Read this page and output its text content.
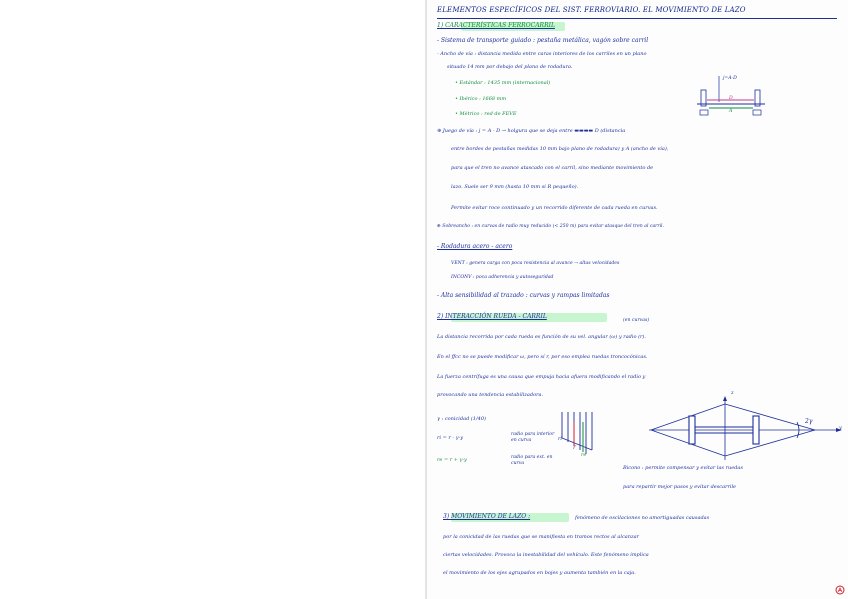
ELEMENTOS ESPECÍFICOS DEL SIST. FERROVIARIO. EL MOVIMIENTO DE LAZO
1) CARACTERÍSTICAS FERROCARRIL
- Sistema de transporte guiado : pestaña metálica, vagón sobre carril
- Ancho de vía : distancia medida entre caras interiores de los carriles en un plano
situado 14 mm por debajo del plano de rodadura.
• Estándar : 1435 mm (internacional)
• Ibérico : 1668 mm
• Métrico : red de FEVE
j=A-D
D
A
⊕ Juego de vía : j = A - D → holgura que se deja entre ▬▬▬▬ D (distancia
entre bordes de pestañas medidas 10 mm bajo plano de rodadura) y A (ancho de vía),
para que el tren no avance atascado con el carril, sino mediante movimiento de
lazo. Suele ser 9 mm (hasta 10 mm si R pequeño).
Permite evitar roce continuado y un recorrido diferente de cada rueda en curvas.
⊕ Sobreancho : en curvas de radio muy reducido (< 250 m) para evitar atasque del tren al carril.
- Rodadura acero - acero
VENT : genera carga con poca resistencia al avance → altas velocidades
INCONV : poca adherencia y autoseguridad
- Alta sensibilidad al trazado : curvas y rampas limitadas
2) INTERACCIÓN RUEDA - CARRIL
(en curvas)
La distancia recorrida por cada rueda es función de su vel. angular (ω) y radio (r).
En el ffcc no se puede modificar ω, pero sí r, por eso emplea ruedas troncocónicas.
La fuerza centrífuga es una causa que empuja hacia afuera modificando el radio y
provocando una tendencia estabilizadora.
γ : conicidad (1/40)
ri = r - γ·y
radio para interior en curva
re = r + γ·y	radio para ext. en curva
ri
r
re
z
y
2γ
Bicono : permite compensar y evitar las ruedas
para repartir mejor pasos y evitar descarrile
3) MOVIMIENTO DE LAZO :	fenómeno de oscilaciones no amortiguadas causadas
por la conicidad de las ruedas que se manifiesta en tramos rectos al alcanzar
ciertas velocidades. Provoca la inestabilidad del vehículo. Este fenómeno implica
el movimiento de los ejes agrupados en bojes y aumenta también en la caja.
